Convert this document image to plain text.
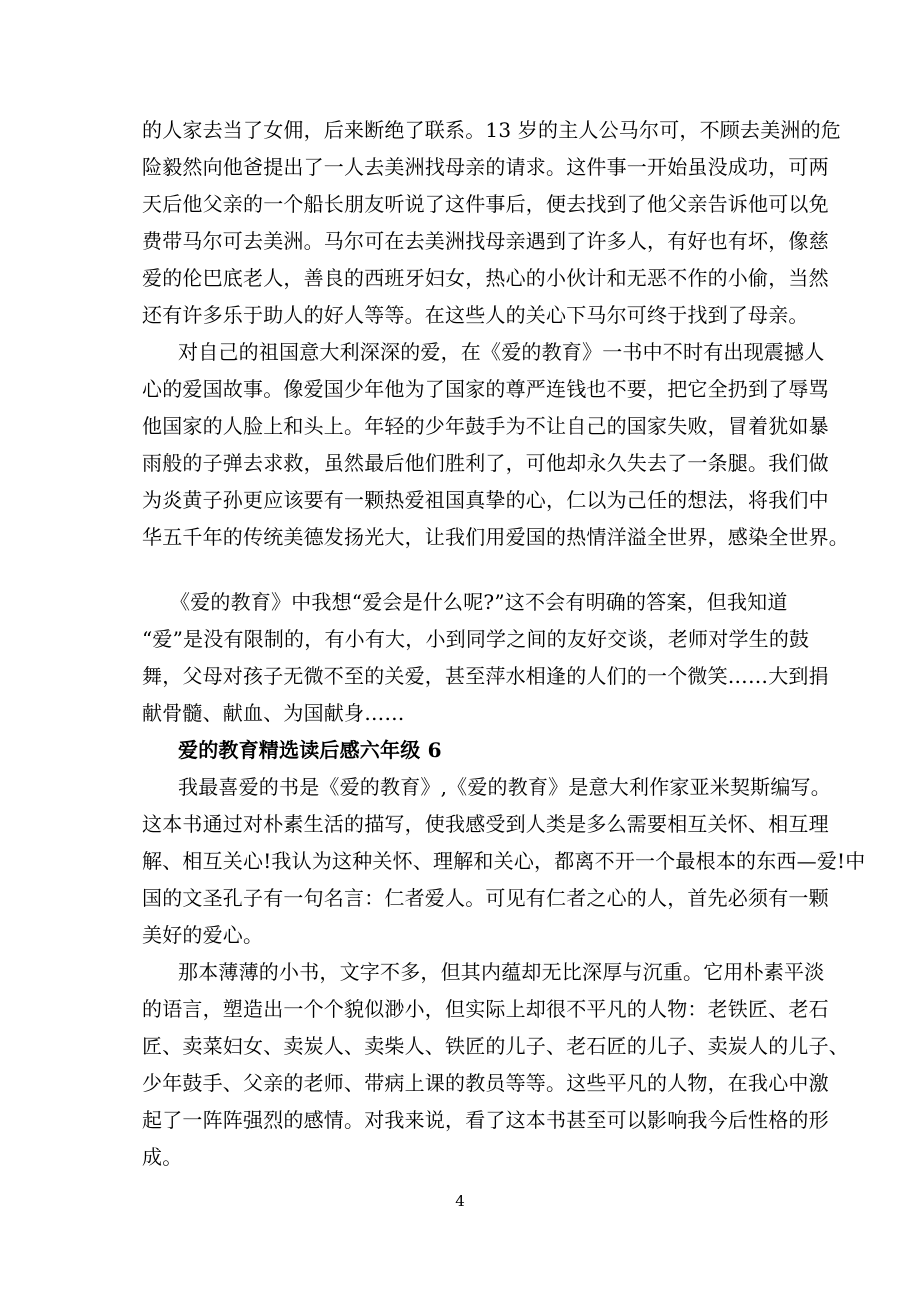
的人家去当了女佣，后来断绝了联系。13 岁的主人公马尔可，不顾去美洲的危
险毅然向他爸提出了一人去美洲找母亲的请求。这件事一开始虽没成功，可两
天后他父亲的一个船长朋友听说了这件事后，便去找到了他父亲告诉他可以免
费带马尔可去美洲。马尔可在去美洲找母亲遇到了许多人，有好也有坏，像慈
爱的伦巴底老人，善良的西班牙妇女，热心的小伙计和无恶不作的小偷，当然
还有许多乐于助人的好人等等。在这些人的关心下马尔可终于找到了母亲。
对自己的祖国意大利深深的爱，在《爱的教育》一书中不时有出现震撼人
心的爱国故事。像爱国少年他为了国家的尊严连钱也不要，把它全扔到了辱骂
他国家的人脸上和头上。年轻的少年鼓手为不让自己的国家失败，冒着犹如暴
雨般的子弹去求救，虽然最后他们胜利了，可他却永久失去了一条腿。我们做
为炎黄子孙更应该要有一颗热爱祖国真挚的心，仁以为己任的想法，将我们中
华五千年的传统美德发扬光大，让我们用爱国的热情洋溢全世界，感染全世界。
《爱的教育》中我想“爱会是什么呢?”这不会有明确的答案，但我知道
“爱”是没有限制的，有小有大，小到同学之间的友好交谈，老师对学生的鼓
舞，父母对孩子无微不至的关爱，甚至萍水相逢的人们的一个微笑……大到捐
献骨髓、献血、为国献身……
爱的教育精选读后感六年级 6
我最喜爱的书是《爱的教育》,《爱的教育》是意大利作家亚米契斯编写。
这本书通过对朴素生活的描写，使我感受到人类是多么需要相互关怀、相互理
解、相互关心!我认为这种关怀、理解和关心，都离不开一个最根本的东西—爱!中
国的文圣孔子有一句名言：仁者爱人。可见有仁者之心的人，首先必须有一颗
美好的爱心。
那本薄薄的小书，文字不多，但其内蕴却无比深厚与沉重。它用朴素平淡
的语言，塑造出一个个貌似渺小，但实际上却很不平凡的人物：老铁匠、老石
匠、卖菜妇女、卖炭人、卖柴人、铁匠的儿子、老石匠的儿子、卖炭人的儿子、
少年鼓手、父亲的老师、带病上课的教员等等。这些平凡的人物，在我心中激
起了一阵阵强烈的感情。对我来说，看了这本书甚至可以影响我今后性格的形
成。
4
